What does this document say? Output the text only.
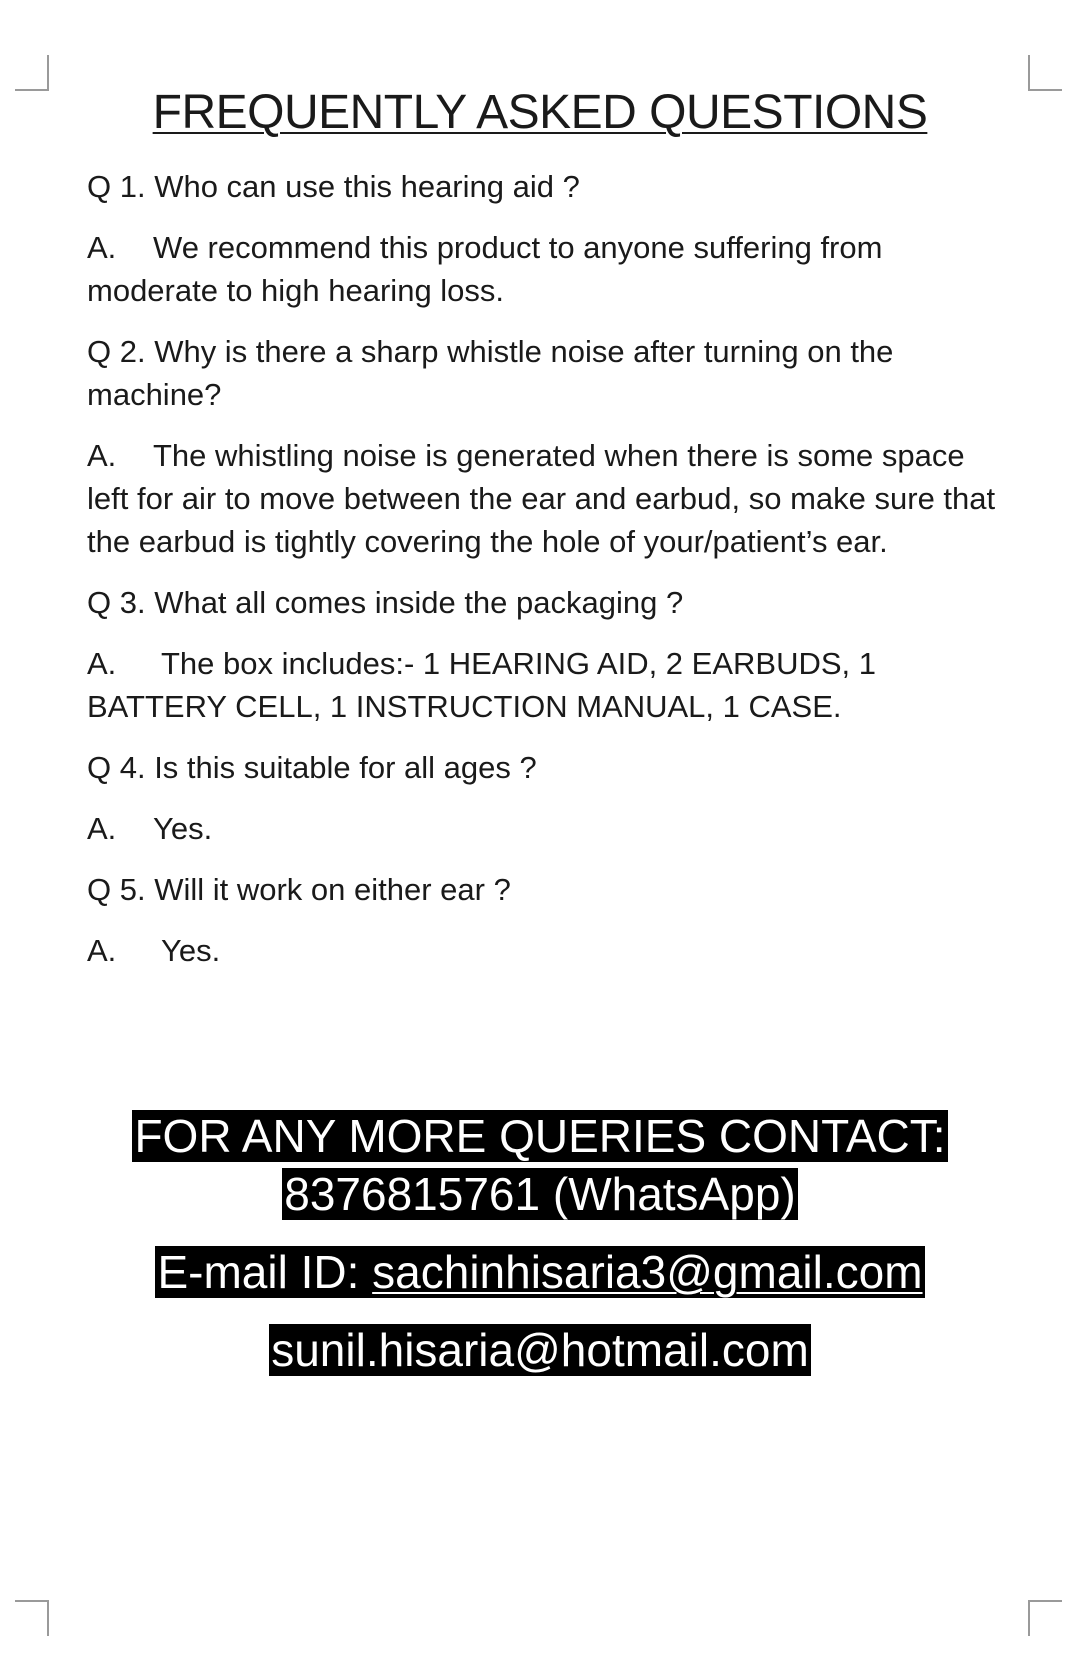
FREQUENTLY ASKED QUESTIONS

Q 1. Who can use this hearing aid ?

A. We recommend this product to anyone suffering from moderate to high hearing loss.

Q 2. Why is there a sharp whistle noise after turning on the machine?

A. The whistling noise is generated when there is some space left for air to move between the ear and earbud, so make sure that the earbud is tightly covering the hole of your/patient’s ear.

Q 3. What all comes inside the packaging ?

A. The box includes:- 1 HEARING AID, 2 EARBUDS, 1 BATTERY CELL, 1 INSTRUCTION MANUAL, 1 CASE.

Q 4. Is this suitable for all ages ?

A. Yes.

Q 5. Will it work on either ear ?

A. Yes.

FOR ANY MORE QUERIES CONTACT:
8376815761 (WhatsApp)
E-mail ID: sachinhisaria3@gmail.com
sunil.hisaria@hotmail.com
